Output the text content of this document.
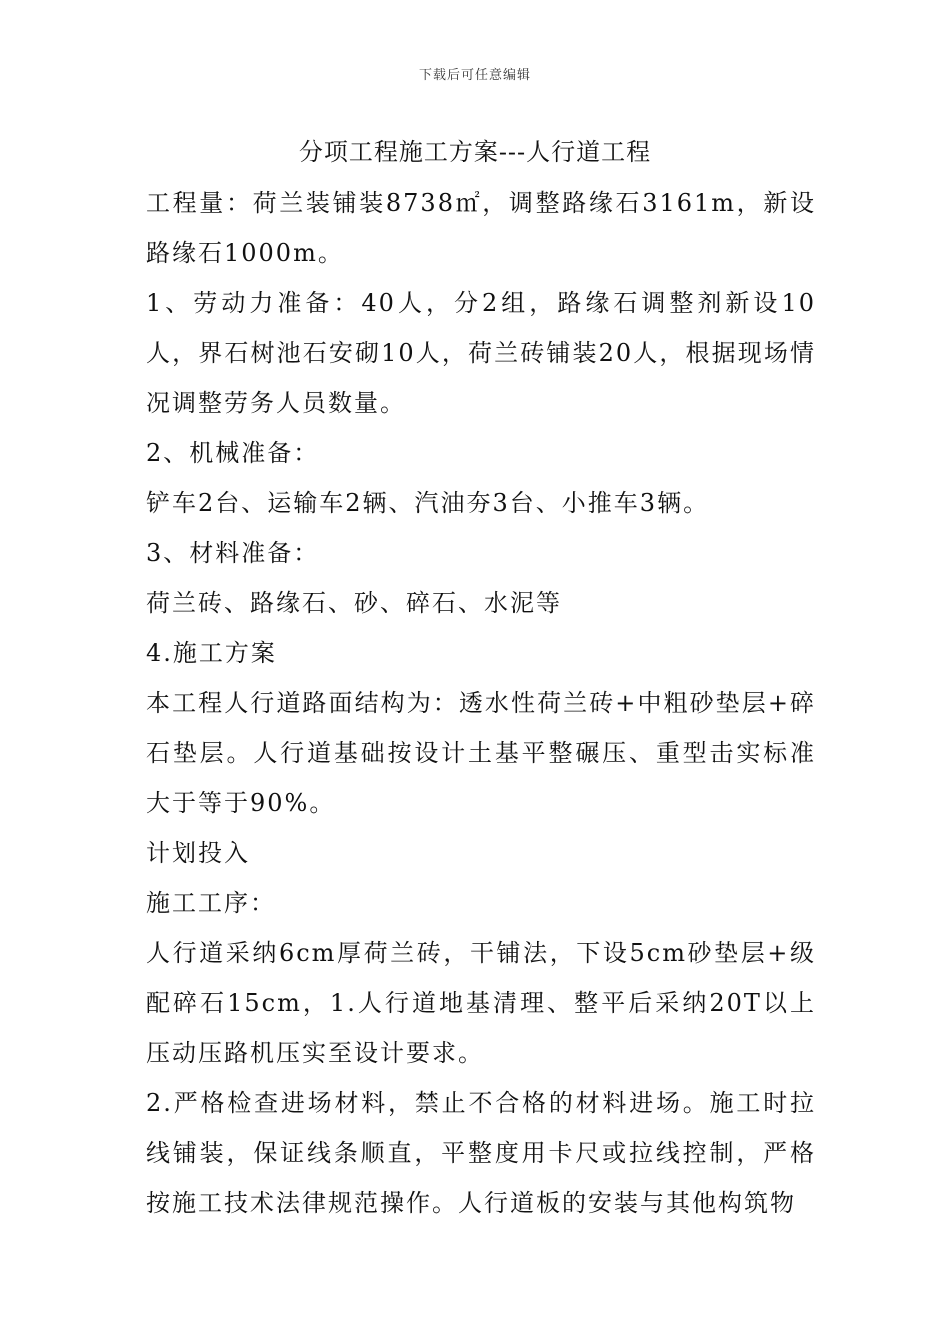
下载后可任意编辑
分项工程施工方案---人行道工程

工程量：荷兰装铺装8738㎡，调整路缘石3161m，新设路缘石1000m。

1、劳动力准备：40人，分2组，路缘石调整剂新设10人，界石树池石安砌10人，荷兰砖铺装20人，根据现场情况调整劳务人员数量。

2、机械准备：

铲车2台、运输车2辆、汽油夯3台、小推车3辆。

3、材料准备：

荷兰砖、路缘石、砂、碎石、水泥等

4.施工方案

本工程人行道路面结构为：透水性荷兰砖+中粗砂垫层+碎石垫层。人行道基础按设计土基平整碾压、重型击实标准大于等于90%。

计划投入

施工工序：

人行道采纳6cm厚荷兰砖，干铺法，下设5cm砂垫层+级配碎石15cm，1.人行道地基清理、整平后采纳20T以上压动压路机压实至设计要求。

2.严格检查进场材料，禁止不合格的材料进场。施工时拉线铺装，保证线条顺直，平整度用卡尺或拉线控制，严格按施工技术法律规范操作。人行道板的安装与其他构筑物
